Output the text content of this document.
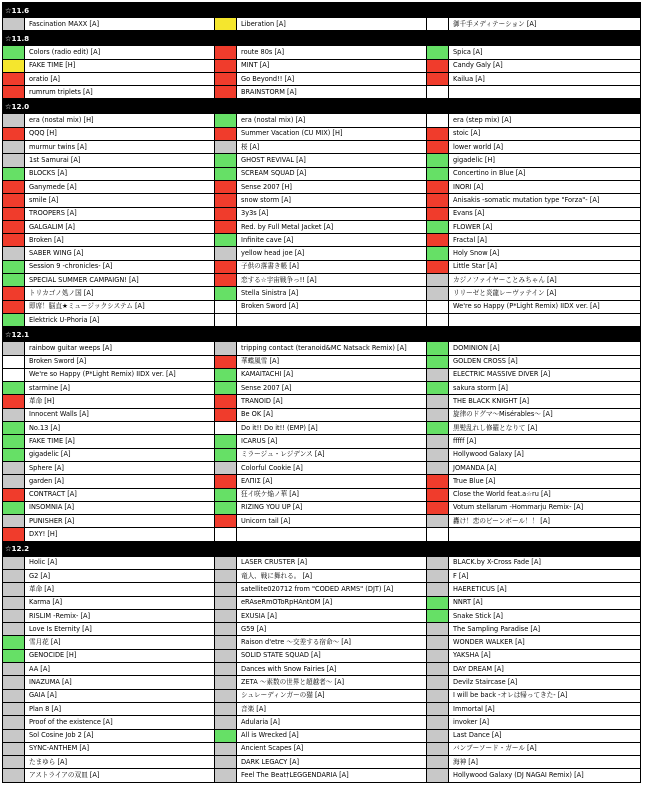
☆11.6					
	Fascination MAXX [A]		Liberation [A]		御千手メディテーション [A]
☆11.8					
	Colors (radio edit) [A]		route 80s [A]		Spica [A]
	FAKE TIME [H]		MINT [A]		Candy Galy [A]
	oratio [A]		Go Beyond!! [A]		Kailua [A]
	rumrum triplets [A]		BRAINSTORM [A]		
☆12.0					
	era (nostal mix) [H]		era (nostal mix) [A]		era (step mix) [A]
	QQQ [H]		Summer Vacation (CU MIX) [H]		stoic [A]
	murmur twins [A]		桜 [A]		lower world [A]
	1st Samurai [A]		GHOST REVIVAL [A]		gigadelic [H]
	BLOCKS [A]		SCREAM SQUAD [A]		Concertino in Blue [A]
	Ganymede [A]		Sense 2007 [H]		INORI [A]
	smile [A]		snow storm [A]		Anisakis -somatic mutation type "Forza"- [A]
	TROOPERS [A]		3y3s [A]		Evans [A]
	GALGALIM [A]		Red. by Full Metal Jacket [A]		FLOWER [A]
	Broken [A]		Infinite cave [A]		Fractal [A]
	SABER WING [A]		yellow head joe [A]		Holy Snow [A]
	Session 9 -chronicles- [A]		子供の落書き帳 [A]		Little Star [A]
	SPECIAL SUMMER CAMPAIGN! [A]		恋する☆宇宙戦争っ!! [A]		カジノファイヤーことみちゃん [A]
	トリカゴノ処ノ国 [A]		Stella Sinistra [A]		リリーゼと炎龍レーヴァテイン [A]
	即席！脳直★ミュージックシステム [A]		Broken Sword [A]		We're so Happy (P*Light Remix) IIDX ver. [A]
	Elektrick U-Phoria [A]				
☆12.1					
	rainbow guitar weeps [A]		tripping contact (teranoid&MC Natsack Remix) [A]		DOMINION [A]
	Broken Sword [A]		華蝶風雪 [A]		GOLDEN CROSS [A]
	We're so Happy (P*Light Remix) IIDX ver. [A]		KAMAITACHI [A]		ELECTRIC MASSIVE DIVER [A]
	starmine [A]		Sense 2007 [A]		sakura storm [A]
	革命 [H]		TRANOID [A]		THE BLACK KNIGHT [A]
	Innocent Walls [A]		Be OK [A]		旋律のドグマ～Misérables～ [A]
	No.13 [A]		Do it!! Do it!! (EMP) [A]		黒髪乱れし修羅となりて [A]
	FAKE TIME [A]		ICARUS [A]		fffff [A]
	gigadelic [A]		ミラージュ・レジデンス [A]		Hollywood Galaxy [A]
	Sphere [A]		Colorful Cookie [A]		JOMANDA [A]
	garden [A]		ΕΛΠΙΣ [A]		True Blue [A]
	CONTRACT [A]		狂イ咲ケ焔ノ華 [A]		Close the World feat.a☆ru [A]
	INSOMNIA [A]		RIZING YOU UP [A]		Votum stellarum -Hommarju Remix- [A]
	PUNISHER [A]		Unicorn tail [A]		轟け！恋のビーンボール！！ [A]
	DXY! [H]				
☆12.2					
	Holic [A]		LASER CRUSTER [A]		BLACK.by X-Cross Fade [A]
	G2 [A]		竜人、戦に舞れる。 [A]		F [A]
	革命 [A]		satellite020712 from "CODED ARMS" (DJT) [A]		HAERETICUS [A]
	Karma [A]		eRAseRmOToRpHAntOM [A]		NNRT [A]
	RISLIM -Remix- [A]		EXUSIA [A]		Snake Stick [A]
	Love Is Eternity [A]		G59 [A]		The Sampling Paradise [A]
	雪月花 [A]		Raison d'etre ～交差する宿命～ [A]		WONDER WALKER [A]
	GENOCIDE [H]		SOLID STATE SQUAD [A]		YAKSHA [A]
	AA [A]		Dances with Snow Fairies [A]		DAY DREAM [A]
	INAZUMA [A]		ZETA ～素数の世界と超越者～ [A]		Devilz Staircase [A]
	GAIA [A]		シュレーディンガーの猫 [A]		I will be back -オレは帰ってきた- [A]
	Plan 8 [A]		音楽 [A]		Immortal [A]
	Proof of the existence [A]		Adularia [A]		invoker [A]
	Sol Cosine Job 2 [A]		All is Wrecked [A]		Last Dance [A]
	SYNC-ANTHEM [A]		Ancient Scapes [A]		バンブーソード・ガール [A]
	たまゆら [A]		DARK LEGACY [A]		海神 [A]
	アストライアの双皿 [A]		Feel The Beat†LEGGENDARIA [A]		Hollywood Galaxy (DJ NAGAI Remix) [A]
